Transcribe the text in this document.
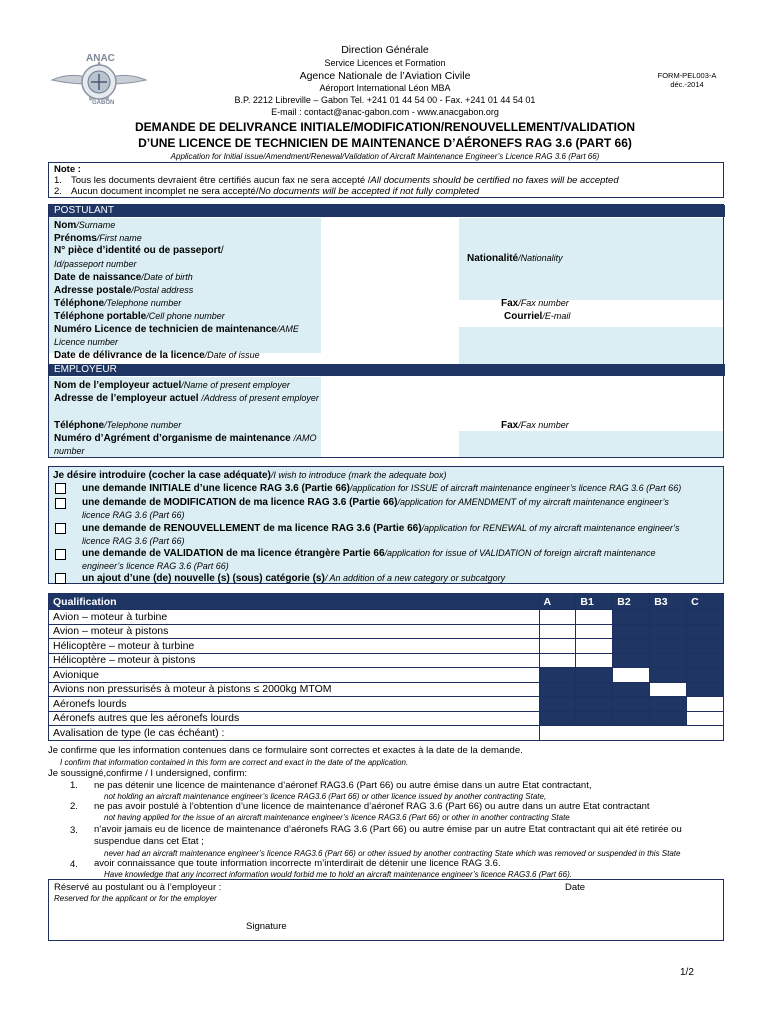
ANAC
GABON
Direction Générale
Service Licences et Formation
Agence Nationale de l’Aviation Civile
Aéroport International Léon MBA
B.P. 2212 Libreville – Gabon Tel. +241 01 44 54 00 - Fax. +241 01 44 54 01
E-mail : contact@anac-gabon.com - www.anacgabon.org
FORM-PEL003-A
déc.-2014
DEMANDE DE DELIVRANCE INITIALE/MODIFICATION/RENOUVELLEMENT/VALIDATION
D’UNE LICENCE DE TECHNICIEN DE MAINTENANCE D’AÉRONEFS RAG 3.6 (PART 66)
Application for Initial issue/Amendment/Renewal/Validation of Aircraft Maintenance Engineer’s Licence RAG 3.6 (Part 66)
Note :
1. Tous les documents devraient être certifiés aucun fax ne sera accepté /All documents should be certified no faxes will be accepted
2. Aucun document incomplet ne sera accepté/No documents will be accepted if not fully completed
POSTULANT
Nom/Surname
Prénoms/First name
N° pièce d’identité ou de passeport/
Id/passeport number	Nationalité/Nationality
Date de naissance/Date of birth
Adresse postale/Postal address
Téléphone/Telephone number	Fax/Fax number
Téléphone portable/Cell phone number	Courriel/E-mail
Numéro Licence de technicien de maintenance/AME
Licence number
Date de délivrance de la licence/Date of issue
EMPLOYEUR
Nom de l’employeur actuel/Name of present employer
Adresse de l’employeur actuel /Address of present employer
Téléphone/Telephone number	Fax/Fax number
Numéro d’Agrément d’organisme de maintenance /AMO
number
Je désire introduire (cocher la case adéquate)/I wish to introduce (mark the adequate box)
une demande INITIALE d’une licence RAG 3.6 (Partie 66)/application for ISSUE of aircraft maintenance engineer’s licence RAG 3.6 (Part 66)
une demande de MODIFICATION de ma licence RAG 3.6 (Partie 66)/application for AMENDMENT of my aircraft maintenance engineer’s
licence RAG 3.6 (Part 66)
une demande de RENOUVELLEMENT de ma licence RAG 3.6 (Partie 66)/application for RENEWAL of my aircraft maintenance engineer’s
licence RAG 3.6 (Part 66)
une demande de VALIDATION de ma licence étrangère Partie 66/application for issue of VALIDATION of foreign aircraft maintenance
engineer’s licence RAG 3.6 (Part 66)
un ajout d’une (de) nouvelle (s) (sous) catégorie (s)/ An addition of a new category or subcatgory
Qualification	A	B1	B2	B3	C
Avion – moteur à turbine					
Avion – moteur à pistons					
Hélicoptère – moteur à turbine					
Hélicoptère – moteur à pistons					
Avionique					
Avions non pressurisés à moteur à pistons ≤ 2000kg MTOM					
Aéronefs lourds					
Aéronefs autres que les aéronefs lourds					
Avalisation de type (le cas échéant) :					
Je confirme que les information contenues dans ce formulaire sont correctes et exactes à la date de la demande.
I confirm that information contained in this form are correct and exact in the date of the application.
Je soussigné,confirme / I undersigned, confirm:
1. ne pas détenir une licence de maintenance d’aéronef RAG3.6 (Part 66) ou autre émise dans un autre Etat contractant,
not holding an aircraft maintenance engineer’s licence RAG3.6 (Part 66) or other licence issued by another contracting State,
2. ne pas avoir postulé à l’obtention d’une licence de maintenance d’aéronef RAG 3.6 (Part 66) ou autre dans un autre Etat contractant
not having applied for the issue of an aircraft maintenance engineer’s licence RAG3.6 (Part 66) or other in another contracting State
3. n’avoir jamais eu de licence de maintenance d’aéronefs RAG 3.6 (Part 66) ou autre émise par un autre Etat contractant qui ait été retirée ou
suspendue dans cet Etat ;
never had an aircraft maintenance engineer’s licence RAG3.6 (Part 66) or other issued by another contracting State which was removed or suspended in this State
4. avoir connaissance que toute information incorrecte m’interdirait de détenir une licence RAG 3.6.
Have knowledge that any incorrect information would forbid me to hold an aircraft maintenance engineer’s licence RAG3.6 (Part 66).
Réservé au postulant ou à l’employeur :
Reserved for the applicant or for the employer
Date
Signature
1/2
